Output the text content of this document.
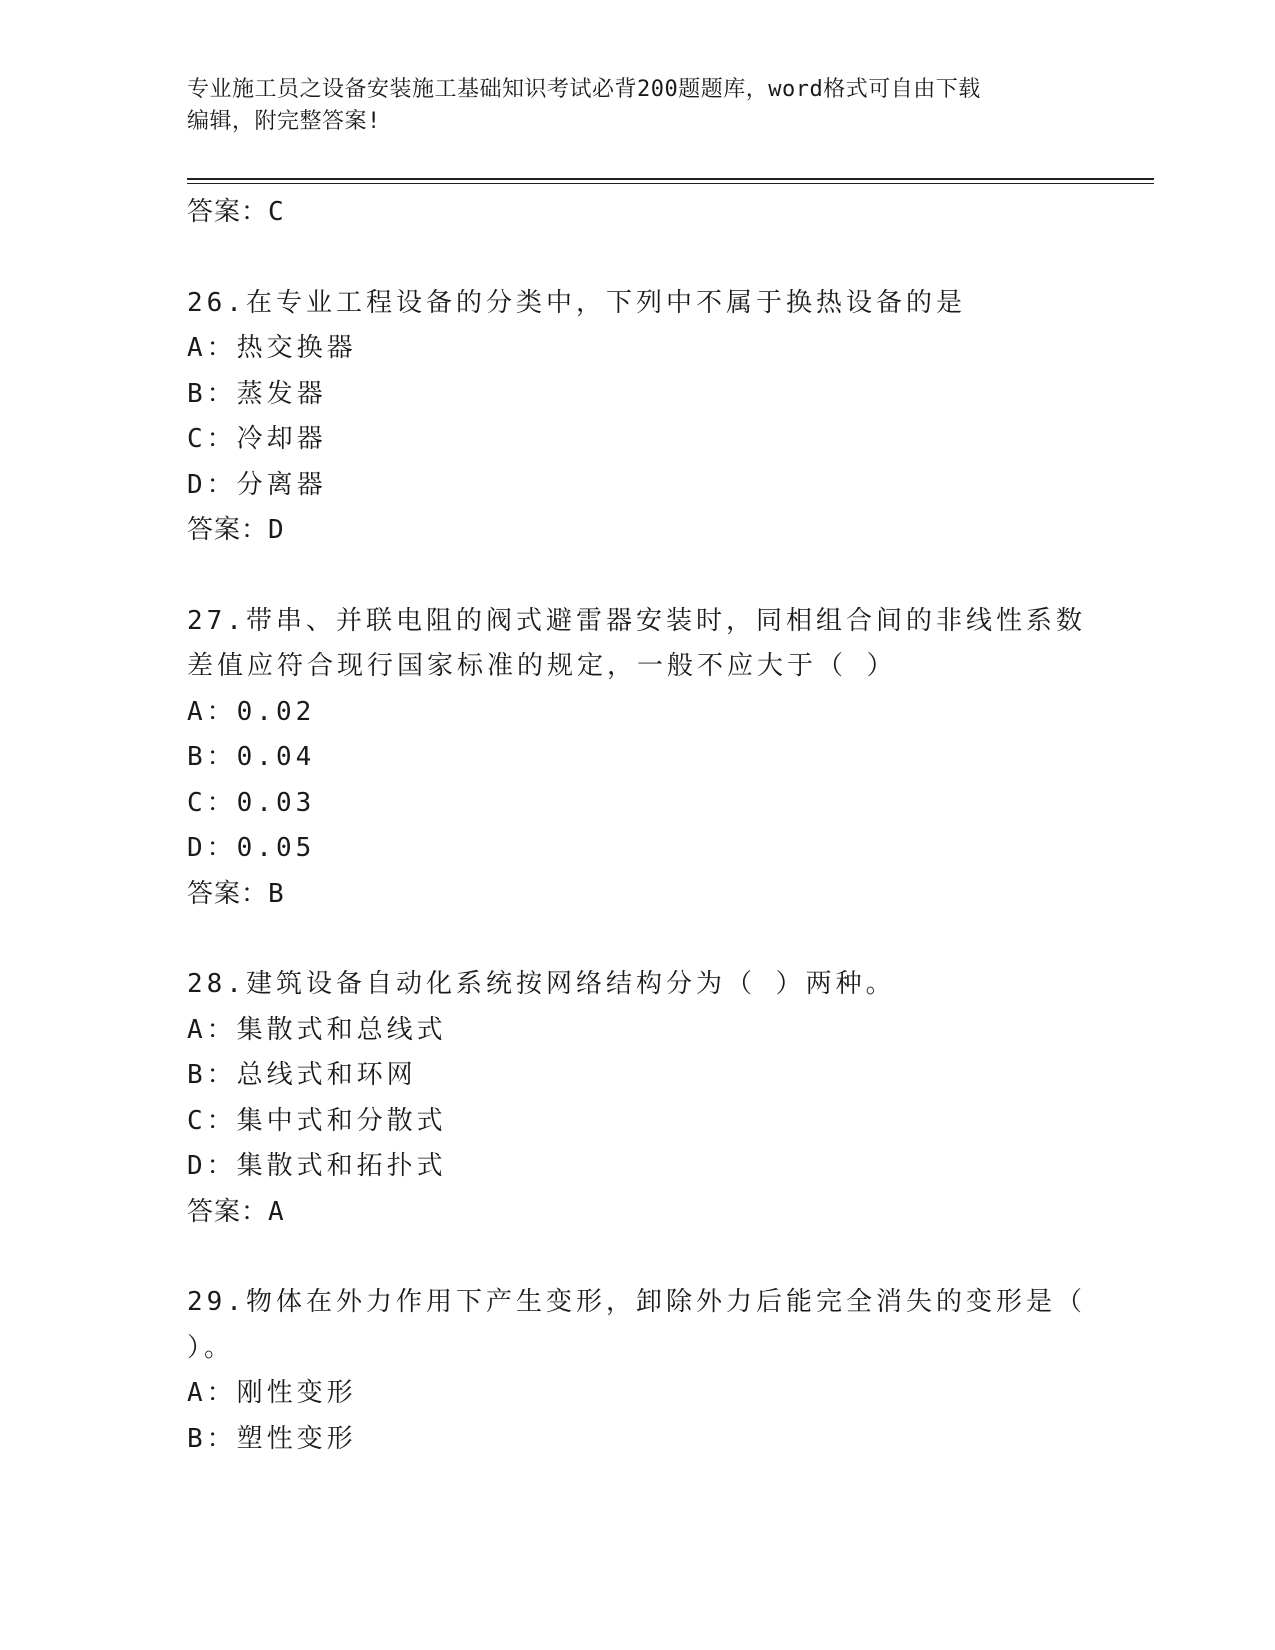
专业施工员之设备安装施工基础知识考试必背200题题库，word格式可自由下载
编辑，附完整答案!
答案：C
26.在专业工程设备的分类中，下列中不属于换热设备的是
A：热交换器
B：蒸发器
C：冷却器
D：分离器
答案：D
27.带串、并联电阻的阀式避雷器安装时，同相组合间的非线性系数差值应符合现行国家标准的规定，一般不应大于（ ）
A：0.02
B：0.04
C：0.03
D：0.05
答案：B
28.建筑设备自动化系统按网络结构分为（ ）两种。
A：集散式和总线式
B：总线式和环网
C：集中式和分散式
D：集散式和拓扑式
答案：A
29.物体在外力作用下产生变形，卸除外力后能完全消失的变形是（ ）。
A：刚性变形
B：塑性变形
